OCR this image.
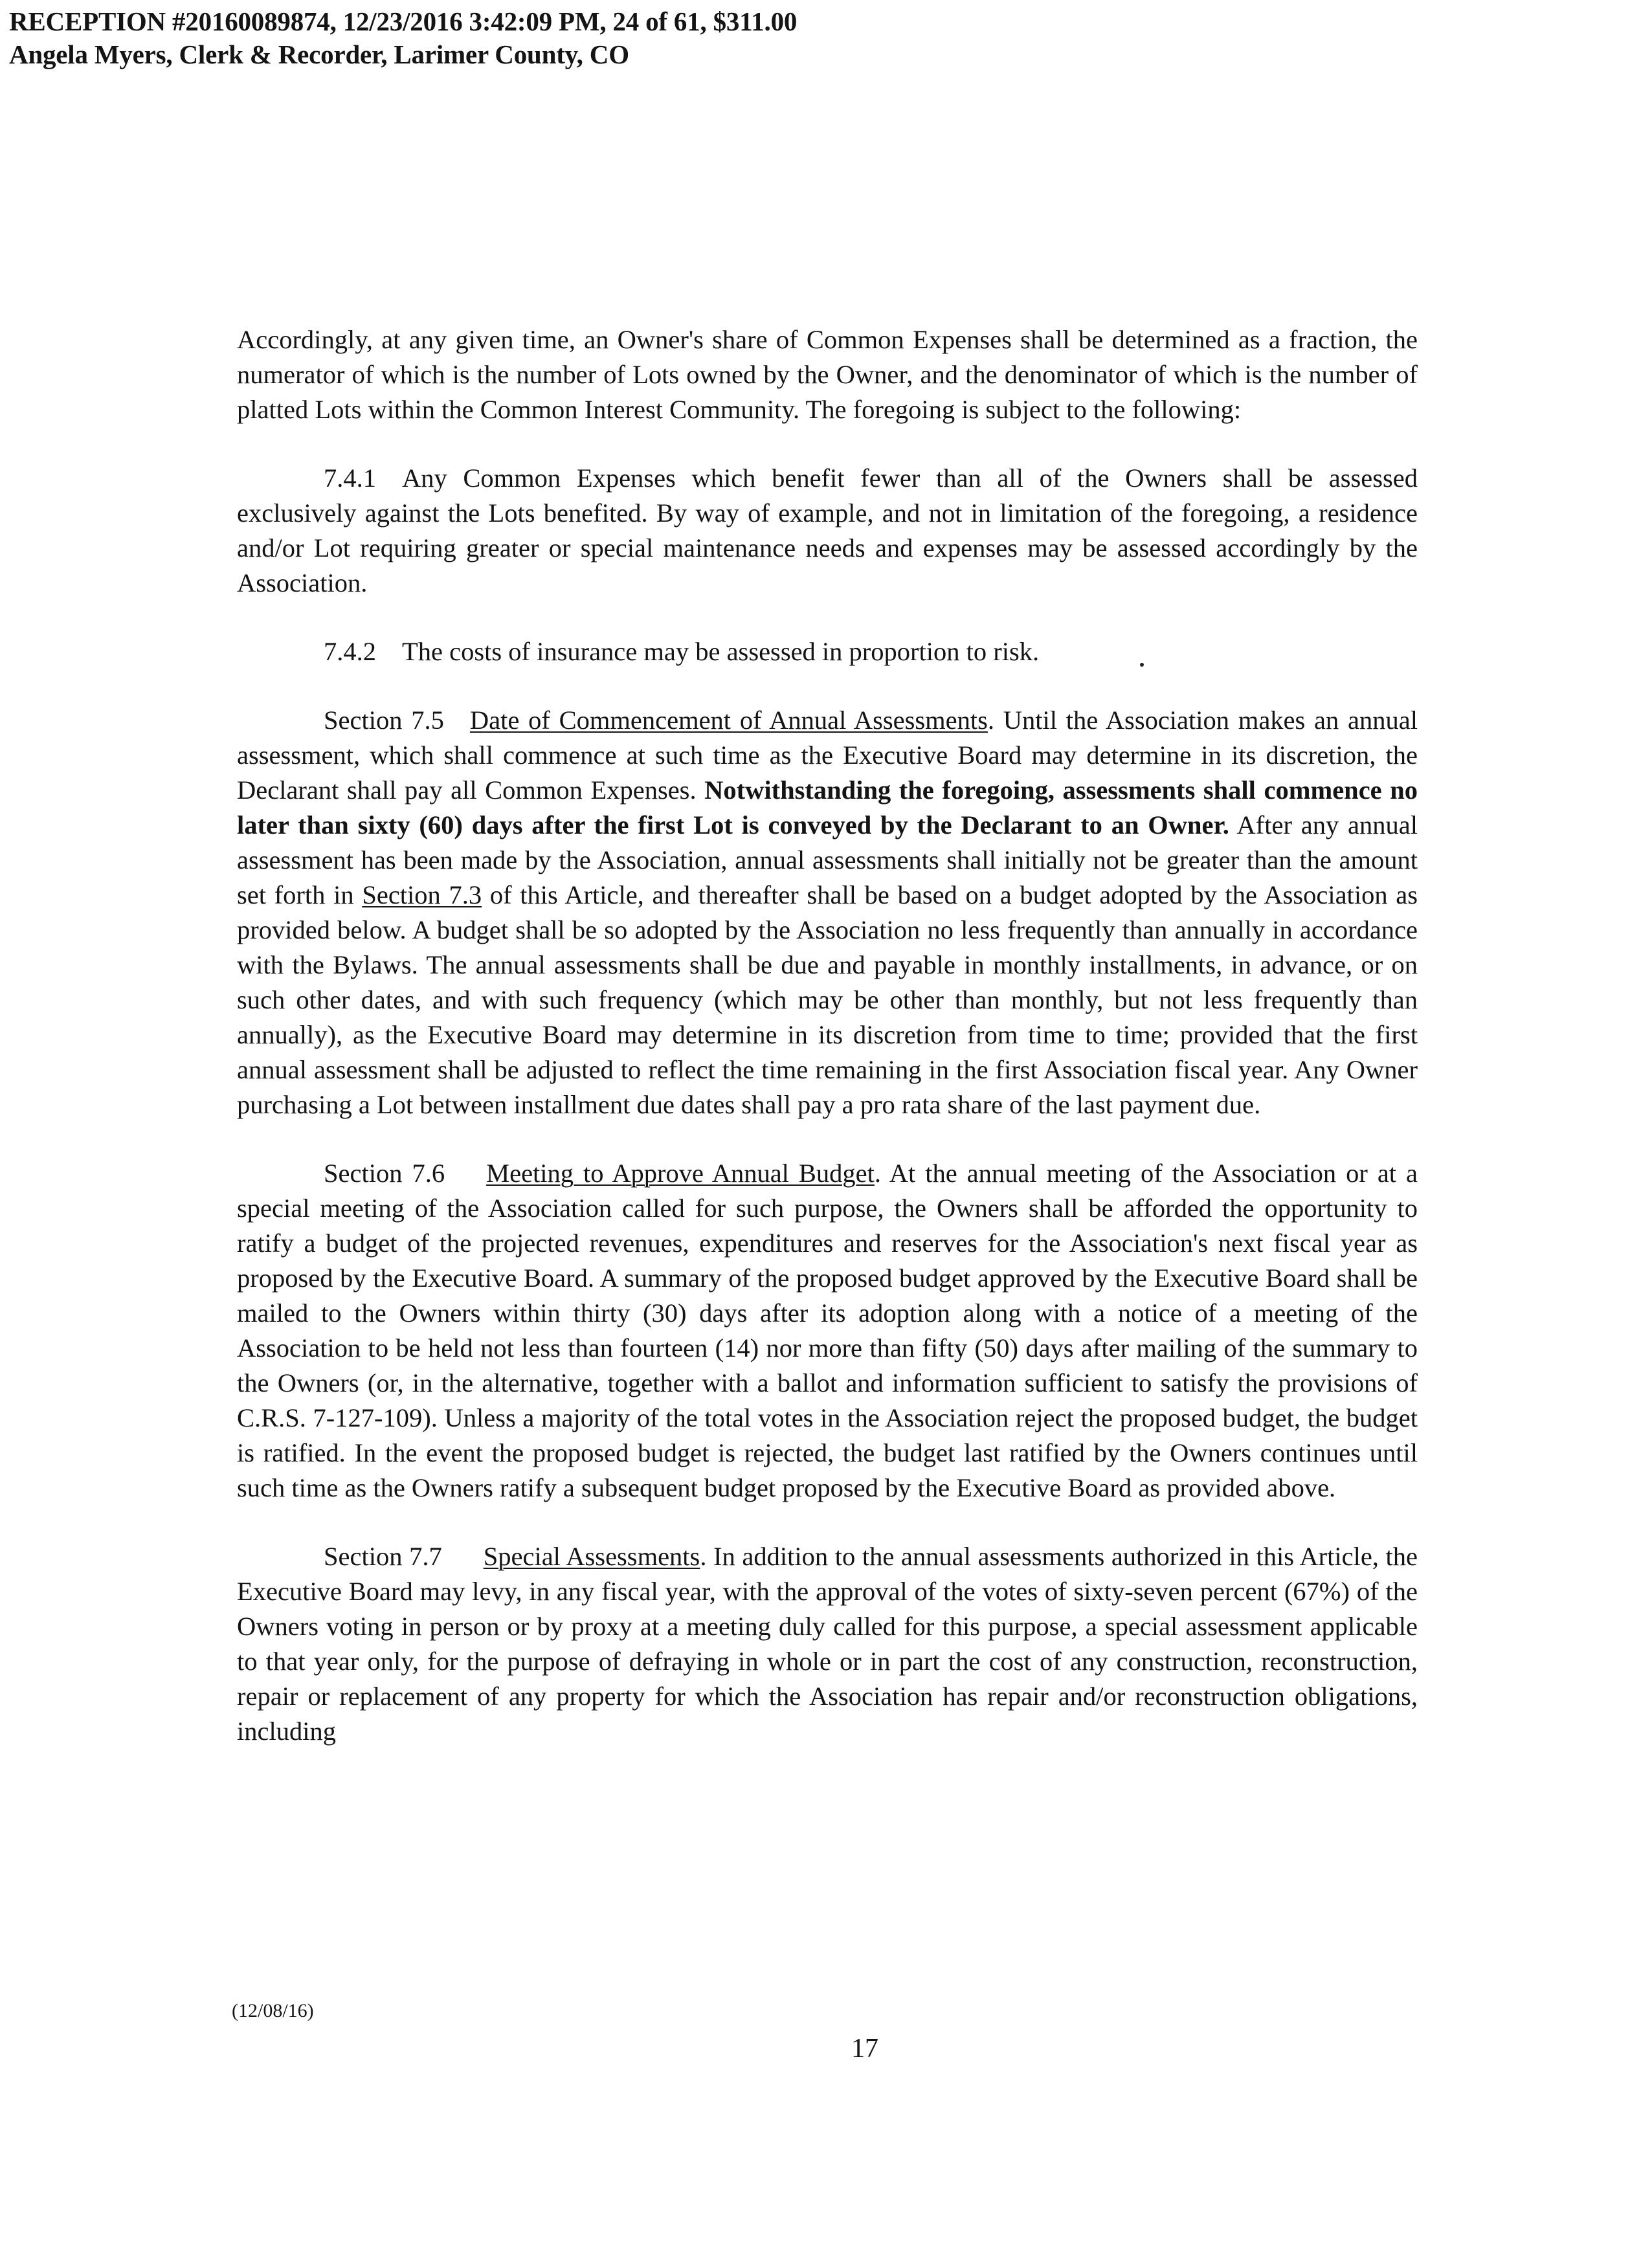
RECEPTION #20160089874, 12/23/2016 3:42:09 PM, 24 of 61, $311.00
Angela Myers, Clerk & Recorder, Larimer County, CO

Accordingly, at any given time, an Owner's share of Common Expenses shall be determined as a fraction, the numerator of which is the number of Lots owned by the Owner, and the denominator of which is the number of platted Lots within the Common Interest Community. The foregoing is subject to the following:

7.4.1 Any Common Expenses which benefit fewer than all of the Owners shall be assessed exclusively against the Lots benefited. By way of example, and not in limitation of the foregoing, a residence and/or Lot requiring greater or special maintenance needs and expenses may be assessed accordingly by the Association.

7.4.2 The costs of insurance may be assessed in proportion to risk.

Section 7.5 Date of Commencement of Annual Assessments. Until the Association makes an annual assessment, which shall commence at such time as the Executive Board may determine in its discretion, the Declarant shall pay all Common Expenses. Notwithstanding the foregoing, assessments shall commence no later than sixty (60) days after the first Lot is conveyed by the Declarant to an Owner. After any annual assessment has been made by the Association, annual assessments shall initially not be greater than the amount set forth in Section 7.3 of this Article, and thereafter shall be based on a budget adopted by the Association as provided below. A budget shall be so adopted by the Association no less frequently than annually in accordance with the Bylaws. The annual assessments shall be due and payable in monthly installments, in advance, or on such other dates, and with such frequency (which may be other than monthly, but not less frequently than annually), as the Executive Board may determine in its discretion from time to time; provided that the first annual assessment shall be adjusted to reflect the time remaining in the first Association fiscal year. Any Owner purchasing a Lot between installment due dates shall pay a pro rata share of the last payment due.

Section 7.6 Meeting to Approve Annual Budget. At the annual meeting of the Association or at a special meeting of the Association called for such purpose, the Owners shall be afforded the opportunity to ratify a budget of the projected revenues, expenditures and reserves for the Association's next fiscal year as proposed by the Executive Board. A summary of the proposed budget approved by the Executive Board shall be mailed to the Owners within thirty (30) days after its adoption along with a notice of a meeting of the Association to be held not less than fourteen (14) nor more than fifty (50) days after mailing of the summary to the Owners (or, in the alternative, together with a ballot and information sufficient to satisfy the provisions of C.R.S. 7-127-109). Unless a majority of the total votes in the Association reject the proposed budget, the budget is ratified. In the event the proposed budget is rejected, the budget last ratified by the Owners continues until such time as the Owners ratify a subsequent budget proposed by the Executive Board as provided above.

Section 7.7 Special Assessments. In addition to the annual assessments authorized in this Article, the Executive Board may levy, in any fiscal year, with the approval of the votes of sixty-seven percent (67%) of the Owners voting in person or by proxy at a meeting duly called for this purpose, a special assessment applicable to that year only, for the purpose of defraying in whole or in part the cost of any construction, reconstruction, repair or replacement of any property for which the Association has repair and/or reconstruction obligations, including

(12/08/16)
17
